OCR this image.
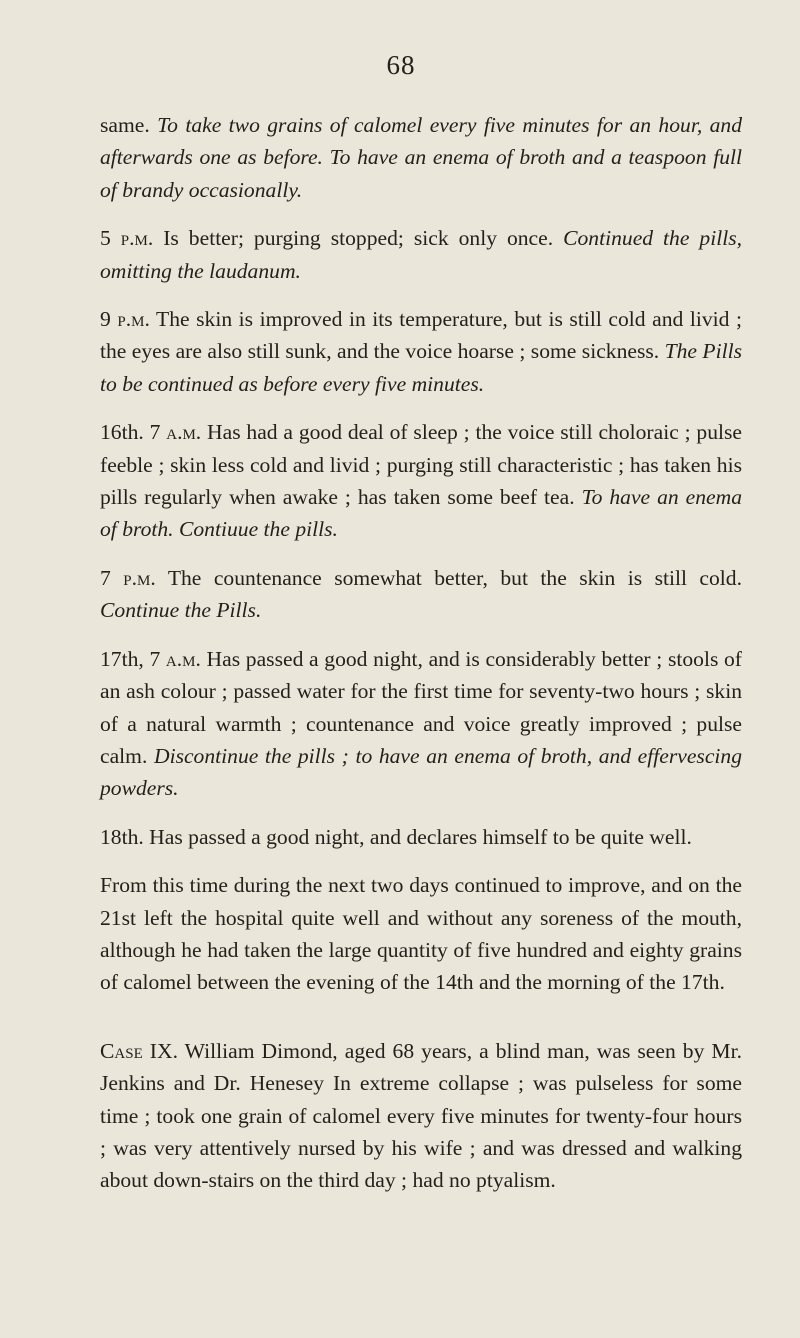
68

same. To take two grains of calomel every five minutes for an hour, and afterwards one as before. To have an enema of broth and a teaspoon full of brandy occasionally.

5 p.m. Is better; purging stopped; sick only once. Continued the pills, omitting the laudanum.

9 p.m. The skin is improved in its temperature, but is still cold and livid ; the eyes are also still sunk, and the voice hoarse ; some sickness. The Pills to be continued as before every five minutes.

16th. 7 a.m. Has had a good deal of sleep ; the voice still choloraic ; pulse feeble ; skin less cold and livid ; purging still characteristic ; has taken his pills regularly when awake ; has taken some beef tea. To have an enema of broth. Contiuue the pills.

7 p.m. The countenance somewhat better, but the skin is still cold. Continue the Pills.

17th, 7 a.m. Has passed a good night, and is considerably better ; stools of an ash colour ; passed water for the first time for seventy-two hours ; skin of a natural warmth ; countenance and voice greatly improved ; pulse calm. Discontinue the pills ; to have an enema of broth, and effervescing powders.

18th. Has passed a good night, and declares himself to be quite well.

From this time during the next two days continued to improve, and on the 21st left the hospital quite well and without any soreness of the mouth, although he had taken the large quantity of five hundred and eighty grains of calomel between the evening of the 14th and the morning of the 17th.

Case IX. William Dimond, aged 68 years, a blind man, was seen by Mr. Jenkins and Dr. Henesey In extreme collapse ; was pulseless for some time ; took one grain of calomel every five minutes for twenty-four hours ; was very attentively nursed by his wife ; and was dressed and walking about down-stairs on the third day ; had no ptyalism.
